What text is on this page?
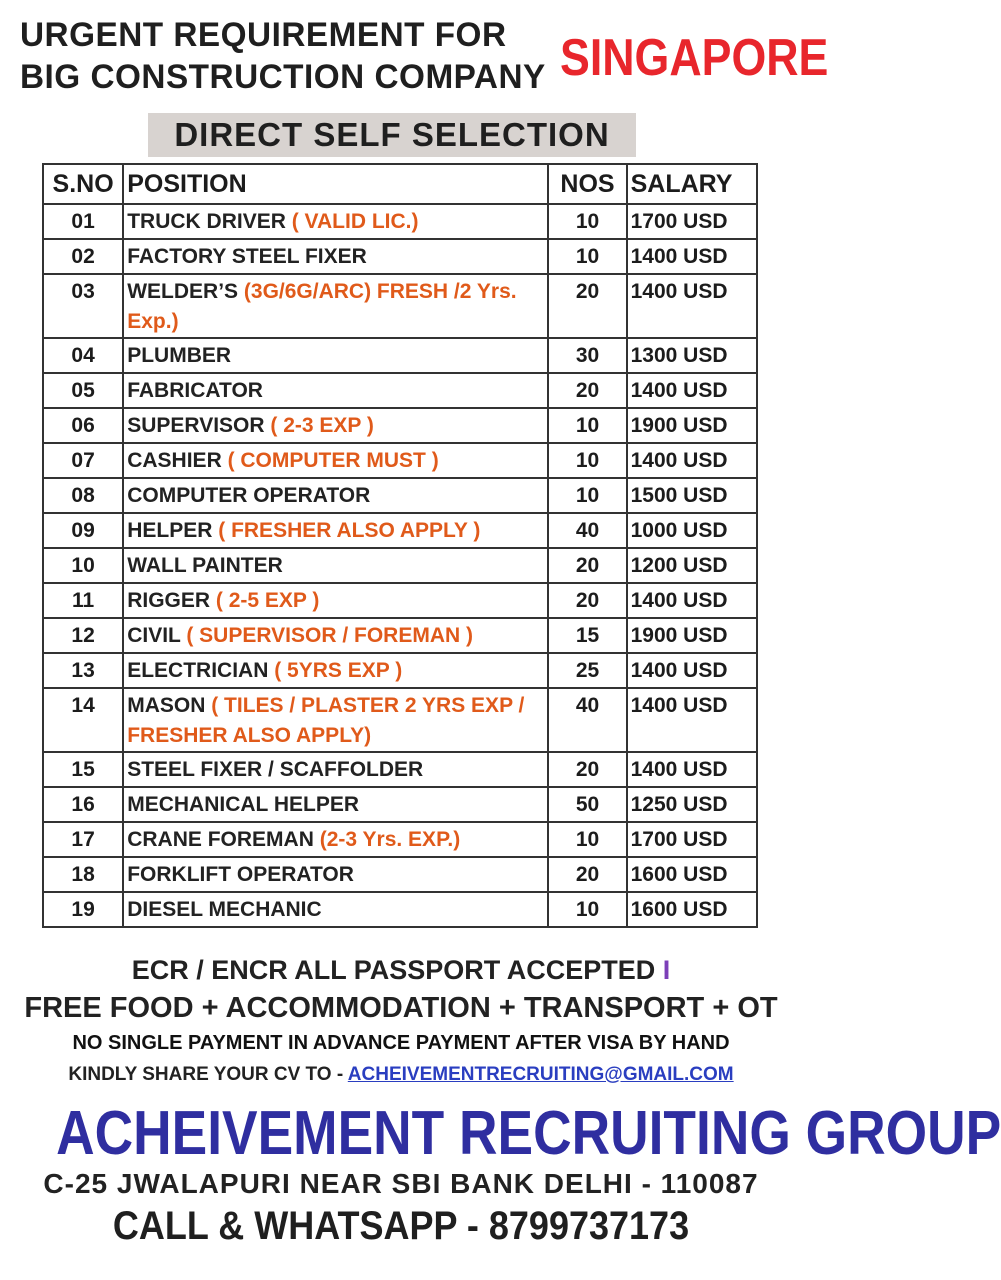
URGENT REQUIREMENT FOR
BIG CONSTRUCTION COMPANY SINGAPORE
DIRECT SELF SELECTION
S.NO	POSITION	NOS	SALARY
01	TRUCK DRIVER ( VALID LIC.)	10	1700 USD
02	FACTORY STEEL FIXER	10	1400 USD
03	WELDER’S (3G/6G/ARC) FRESH /2 Yrs. Exp.)	20	1400 USD
04	PLUMBER	30	1300 USD
05	FABRICATOR	20	1400 USD
06	SUPERVISOR ( 2-3 EXP )	10	1900 USD
07	CASHIER ( COMPUTER MUST )	10	1400 USD
08	COMPUTER OPERATOR	10	1500 USD
09	HELPER ( FRESHER ALSO APPLY )	40	1000 USD
10	WALL PAINTER	20	1200 USD
11	RIGGER ( 2-5 EXP )	20	1400 USD
12	CIVIL ( SUPERVISOR / FOREMAN )	15	1900 USD
13	ELECTRICIAN ( 5YRS EXP )	25	1400 USD
14	MASON ( TILES / PLASTER 2 YRS EXP / FRESHER ALSO APPLY)	40	1400 USD
15	STEEL FIXER / SCAFFOLDER	20	1400 USD
16	MECHANICAL HELPER	50	1250 USD
17	CRANE FOREMAN (2-3 Yrs. EXP.)	10	1700 USD
18	FORKLIFT OPERATOR	20	1600 USD
19	DIESEL MECHANIC	10	1600 USD
ECR / ENCR ALL PASSPORT ACCEPTED I
FREE FOOD + ACCOMMODATION + TRANSPORT + OT
NO SINGLE PAYMENT IN ADVANCE PAYMENT AFTER VISA BY HAND
KINDLY SHARE YOUR CV TO - ACHEIVEMENTRECRUITING@GMAIL.COM
ACHEIVEMENT RECRUITING GROUP
C-25 JWALAPURI NEAR SBI BANK DELHI - 110087
CALL & WHATSAPP - 8799737173
